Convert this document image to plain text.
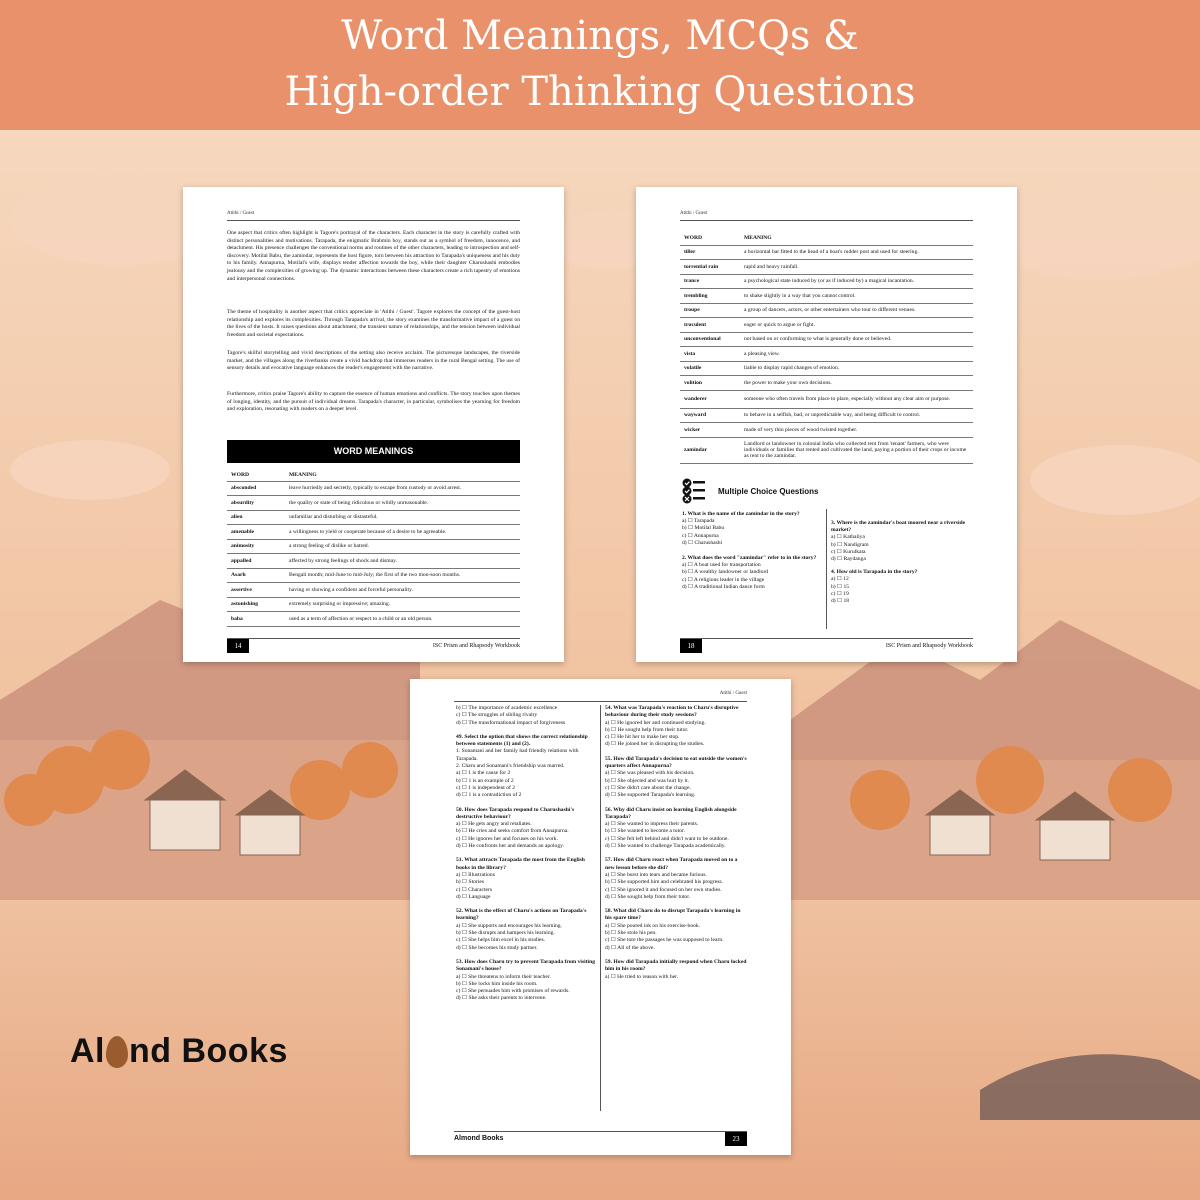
Word Meanings, MCQs &
High-order Thinking Questions
Atithi / Guest
One aspect that critics often highlight is Tagore's portrayal of the characters. Each character in the story is carefully crafted with distinct personalities and motivations. Tarapada, the enigmatic Brahmin boy, stands out as a symbol of freedom, innocence, and detachment. His presence challenges the conventional norms and routines of the other characters, leading to introspection and self-discovery. Motilal Babu, the zamindar, represents the host figure, torn between his attraction to Tarapada's uniqueness and his duty to his family. Annapurna, Motilal's wife, displays tender affection towards the boy, while their daughter Charushashi embodies jealousy and the complexities of growing up. The dynamic interactions between these characters create a rich tapestry of emotions and interpersonal connections.
The theme of hospitality is another aspect that critics appreciate in 'Atithi / Guest'. Tagore explores the concept of the guest-host relationship and explores its complexities. Through Tarapada's arrival, the story examines the transformative impact of a guest on the lives of the hosts. It raises questions about attachment, the transient nature of relationships, and the tension between individual freedom and societal expectations.
Tagore's skilful storytelling and vivid descriptions of the setting also receive acclaim. The picturesque landscapes, the riverside market, and the villages along the riverbanks create a vivid backdrop that immerses readers in the rural Bengal setting. The use of sensory details and evocative language enhances the reader's engagement with the narrative.
Furthermore, critics praise Tagore's ability to capture the essence of human emotions and conflicts. The story touches upon themes of longing, identity, and the pursuit of individual dreams. Tarapada's character, in particular, symbolises the yearning for freedom and exploration, resonating with readers on a deeper level.
WORD MEANINGS
WORD	MEANING
absconded	leave hurriedly and secretly, typically to escape from custody or avoid arrest.
absurdity	the quality or state of being ridiculous or wildly unreasonable.
alien	unfamiliar and disturbing or distasteful.
amenable	a willingness to yield or cooperate because of a desire to be agreeable.
animosity	a strong feeling of dislike or hatred.
appalled	affected by strong feelings of shock and dismay.
Asarh	Bengali month; mid-June to mid-July; the first of the two mon-soon months.
assertive	having or showing a confident and forceful personality.
astonishing	extremely surprising or impressive; amazing.
baba	used as a term of affection or respect to a child or an old person.
14	ISC Prism and Rhapsody Workbook
Atithi / Guest
WORD	MEANING
tiller	a horizontal bar fitted to the head of a boat's rudder post and used for steering.
torrential rain	rapid and heavy rainfall.
trance	a psychological state induced by (or as if induced by) a magical incantation.
trembling	to shake slightly in a way that you cannot control.
troupe	a group of dancers, actors, or other entertainers who tour to different venues.
truculent	eager or quick to argue or fight.
unconventional	not based on or conforming to what is generally done or believed.
vista	a pleasing view.
volatile	liable to display rapid changes of emotion.
volition	the power to make your own decisions.
wanderer	someone who often travels from place to place, especially without any clear aim or purpose.
wayward	to behave in a selfish, bad, or unpredictable way, and being difficult to control.
wicker	made of very thin pieces of wood twisted together.
zamindar	Landlord or landowner in colonial India who collected rent from 'tenant' farmers, who were individuals or families that rented and cultivated the land, paying a portion of their crops or income as rent to the zamindar.
Multiple Choice Questions
1. What is the name of the zamindar in the story?
a) ☐ Tarapada
b) ☐ Motilal Babu
c) ☐ Annapurna
d) ☐ Charushashi
2. What does the word "zamindar" refer to in the story?
a) ☐ A boat used for transportation
b) ☐ A wealthy landowner or landlord
c) ☐ A religious leader in the village
d) ☐ A traditional Indian dance form
3. Where is the zamindar's boat moored near a riverside market?
a) ☐ Kathaliya
b) ☐ Nandigram
c) ☐ Kurulkata
d) ☐ Raydanga
4. How old is Tarapada in the story?
a) ☐ 12
b) ☐ 15
c) ☐ 19
d) ☐ 18
18	ISC Prism and Rhapsody Workbook
Atithi / Guest
b) ☐ The importance of academic excellence
c) ☐ The struggles of sibling rivalry
d) ☐ The transformational impact of forgiveness
49. Select the option that shows the correct relationship between statements (1) and (2).
1. Sonamani and her family had friendly relations with Tarapada.
2. Charu and Sonamani's friendship was marred.
a) ☐ 1 is the cause for 2
b) ☐ 1 is an example of 2
c) ☐ 1 is independent of 2
d) ☐ 1 is a contradiction of 2
50. How does Tarapada respond to Charushashi's destructive behaviour?
a) ☐ He gets angry and retaliates.
b) ☐ He cries and seeks comfort from Annapurna.
c) ☐ He ignores her and focuses on his work.
d) ☐ He confronts her and demands an apology.
51. What attracts Tarapada the most from the English books in the library?
a) ☐ Illustrations
b) ☐ Stories
c) ☐ Characters
d) ☐ Language
52. What is the effect of Charu's actions on Tarapada's learning?
a) ☐ She supports and encourages his learning.
b) ☐ She disrupts and hampers his learning.
c) ☐ She helps him excel in his studies.
d) ☐ She becomes his study partner.
53. How does Charu try to prevent Tarapada from visiting Sonamani's house?
a) ☐ She threatens to inform their teacher.
b) ☐ She locks him inside his room.
c) ☐ She persuades him with promises of rewards.
d) ☐ She asks their parents to intervene.
54. What was Tarapada's reaction to Charu's disruptive behaviour during their study sessions?
a) ☐ He ignored her and continued studying.
b) ☐ He sought help from their tutor.
c) ☐ He hit her to make her stop.
d) ☐ He joined her in disrupting the studies.
55. How did Tarapada's decision to eat outside the women's quarters affect Annapurna?
a) ☐ She was pleased with his decision.
b) ☐ She objected and was hurt by it.
c) ☐ She didn't care about the change.
d) ☐ She supported Tarapada's learning.
56. Why did Charu insist on learning English alongside Tarapada?
a) ☐ She wanted to impress their parents.
b) ☐ She wanted to become a tutor.
c) ☐ She felt left behind and didn't want to be outdone.
d) ☐ She wanted to challenge Tarapada academically.
57. How did Charu react when Tarapada moved on to a new lesson before she did?
a) ☐ She burst into tears and became furious.
b) ☐ She supported him and celebrated his progress.
c) ☐ She ignored it and focused on her own studies.
d) ☐ She sought help from their tutor.
58. What did Charu do to disrupt Tarapada's learning in his spare time?
a) ☐ She poured ink on his exercise-book.
b) ☐ She stole his pen.
c) ☐ She tore the passages he was supposed to learn.
d) ☐ All of the above.
59. How did Tarapada initially respond when Charu locked him in his room?
a) ☐ He tried to reason with her.
Almond Books	23
Al nd Books
